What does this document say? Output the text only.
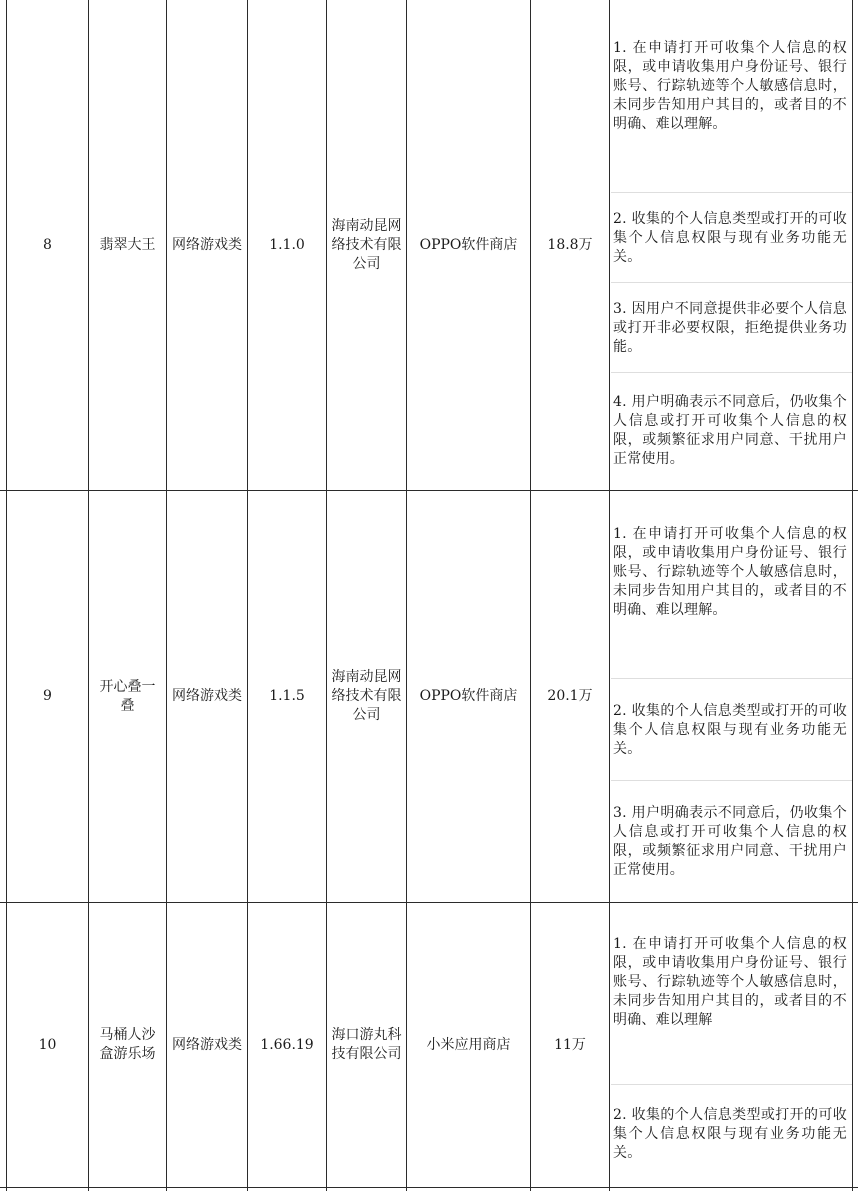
8	翡翠大王 网络游戏类 1.1.0
海南动昆网络技术有限公司
OPPO软件商店 18.8万
1. 在申请打开可收集个人信息的权限，或申请收集用户身份证号、银行账号、行踪轨迹等个人敏感信息时，未同步告知用户其目的，或者目的不明确、难以理解。
2. 收集的个人信息类型或打开的可收集个人信息权限与现有业务功能无关。
3. 因用户不同意提供非必要个人信息或打开非必要权限，拒绝提供业务功能。
4. 用户明确表示不同意后，仍收集个人信息或打开可收集个人信息的权限，或频繁征求用户同意、干扰用户正常使用。
9
开心叠一叠
网络游戏类 1.1.5
海南动昆网络技术有限公司
OPPO软件商店 20.1万
1. 在申请打开可收集个人信息的权限，或申请收集用户身份证号、银行账号、行踪轨迹等个人敏感信息时，未同步告知用户其目的，或者目的不明确、难以理解。
2. 收集的个人信息类型或打开的可收集个人信息权限与现有业务功能无关。
3. 用户明确表示不同意后，仍收集个人信息或打开可收集个人信息的权限，或频繁征求用户同意、干扰用户正常使用。
10
马桶人沙盒游乐场
网络游戏类 1.66.19
海口游丸科技有限公司
小米应用商店	11万
1. 在申请打开可收集个人信息的权限，或申请收集用户身份证号、银行账号、行踪轨迹等个人敏感信息时，未同步告知用户其目的，或者目的不明确、难以理解
2. 收集的个人信息类型或打开的可收集个人信息权限与现有业务功能无关。
